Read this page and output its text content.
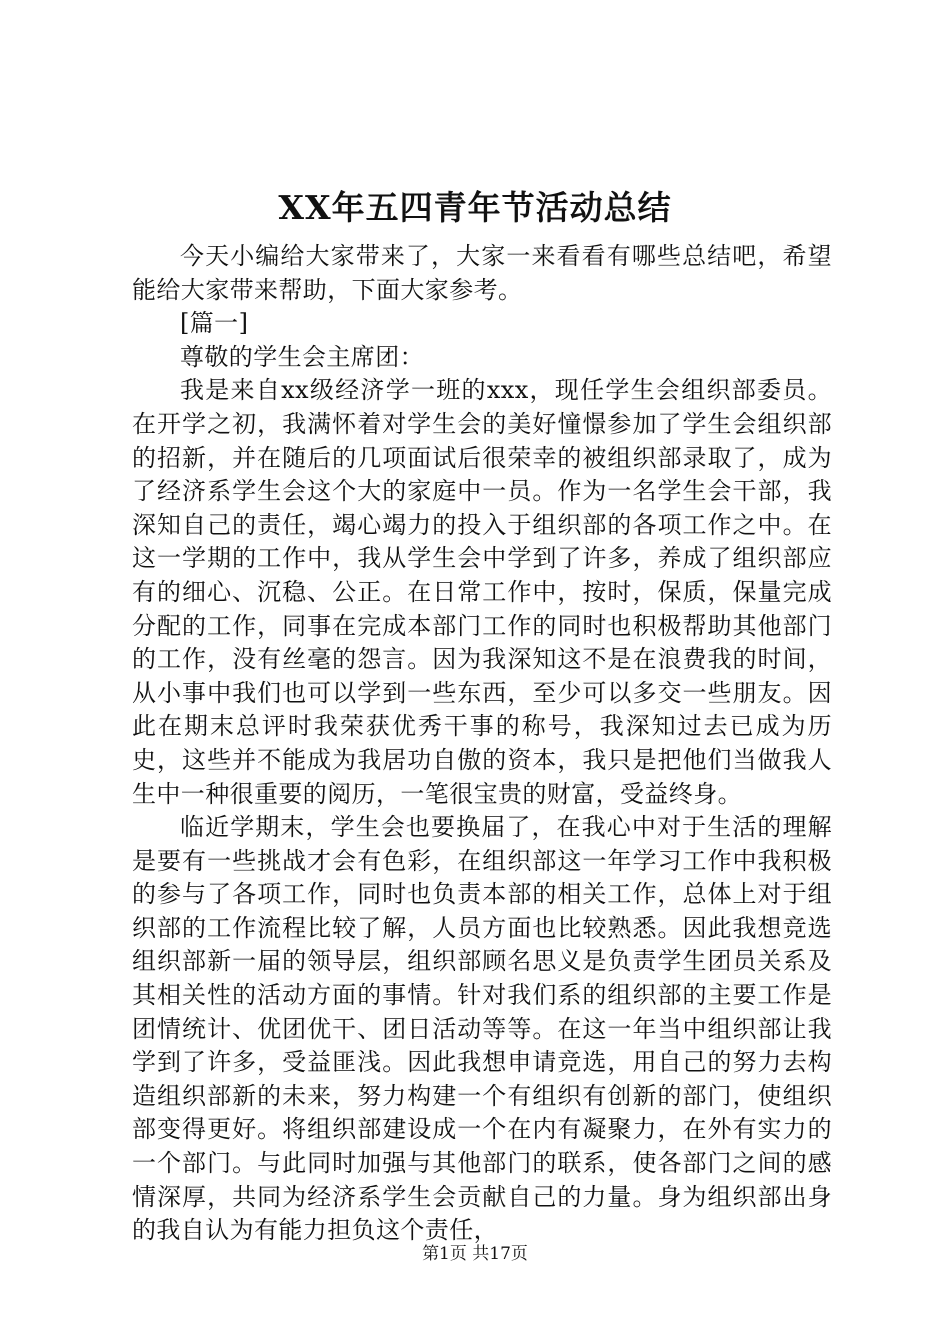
XX年五四青年节活动总结

今天小编给大家带来了，大家一来看看有哪些总结吧，希望能给大家带来帮助，下面大家参考。

[篇一]

尊敬的学生会主席团：

我是来自xx级经济学一班的xxx，现任学生会组织部委员。在开学之初，我满怀着对学生会的美好憧憬参加了学生会组织部的招新，并在随后的几项面试后很荣幸的被组织部录取了，成为了经济系学生会这个大的家庭中一员。作为一名学生会干部，我深知自己的责任，竭心竭力的投入于组织部的各项工作之中。在这一学期的工作中，我从学生会中学到了许多，养成了组织部应有的细心、沉稳、公正。在日常工作中，按时，保质，保量完成分配的工作，同事在完成本部门工作的同时也积极帮助其他部门的工作，没有丝毫的怨言。因为我深知这不是在浪费我的时间，从小事中我们也可以学到一些东西，至少可以多交一些朋友。因此在期末总评时我荣获优秀干事的称号，我深知过去已成为历史，这些并不能成为我居功自傲的资本，我只是把他们当做我人生中一种很重要的阅历，一笔很宝贵的财富，受益终身。

临近学期末，学生会也要换届了，在我心中对于生活的理解是要有一些挑战才会有色彩，在组织部这一年学习工作中我积极的参与了各项工作，同时也负责本部的相关工作，总体上对于组织部的工作流程比较了解，人员方面也比较熟悉。因此我想竞选组织部新一届的领导层，组织部顾名思义是负责学生团员关系及其相关性的活动方面的事情。针对我们系的组织部的主要工作是团情统计、优团优干、团日活动等等。在这一年当中组织部让我学到了许多，受益匪浅。因此我想申请竞选，用自己的努力去构造组织部新的未来，努力构建一个有组织有创新的部门，使组织部变得更好。将组织部建设成一个在内有凝聚力，在外有实力的一个部门。与此同时加强与其他部门的联系，使各部门之间的感情深厚，共同为经济系学生会贡献自己的力量。身为组织部出身的我自认为有能力担负这个责任，

第1页 共17页
